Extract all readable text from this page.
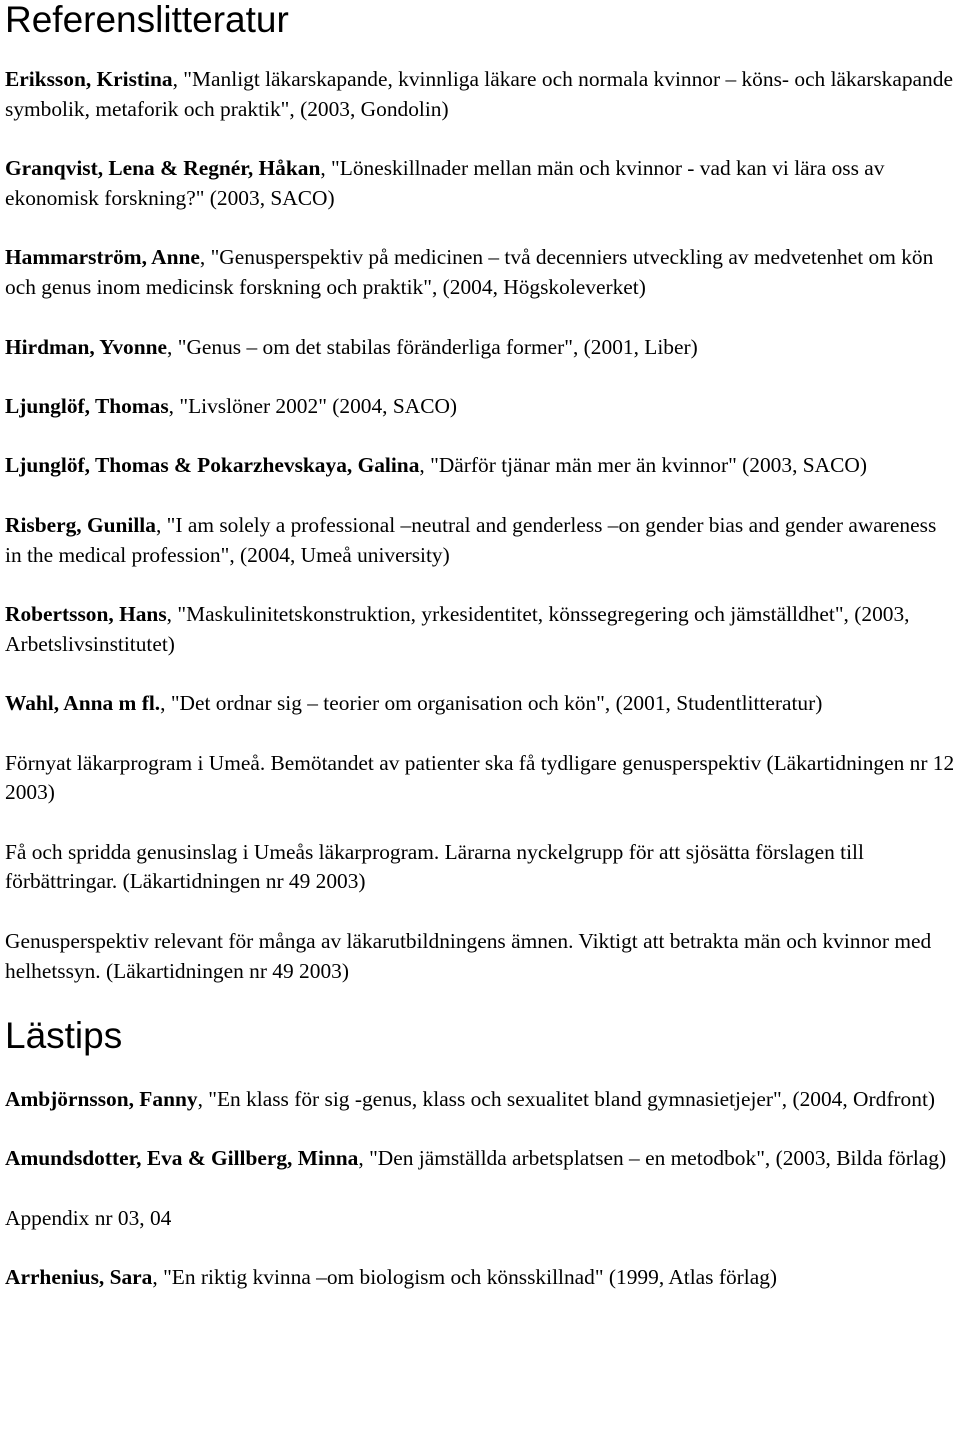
Referenslitteratur

Eriksson, Kristina, "Manligt läkarskapande, kvinnliga läkare och normala kvinnor – köns- och läkarskapande symbolik, metaforik och praktik", (2003, Gondolin)

Granqvist, Lena & Regnér, Håkan, "Löneskillnader mellan män och kvinnor - vad kan vi lära oss av ekonomisk forskning?" (2003, SACO)

Hammarström, Anne, "Genusperspektiv på medicinen – två decenniers utveckling av medvetenhet om kön och genus inom medicinsk forskning och praktik", (2004, Högskoleverket)

Hirdman, Yvonne, "Genus – om det stabilas föränderliga former", (2001, Liber)

Ljunglöf, Thomas, "Livslöner 2002" (2004, SACO)

Ljunglöf, Thomas & Pokarzhevskaya, Galina, "Därför tjänar män mer än kvinnor" (2003, SACO)

Risberg, Gunilla, "I am solely a professional –neutral and genderless –on gender bias and gender awareness in the medical profession", (2004, Umeå university)

Robertsson, Hans, "Maskulinitetskonstruktion, yrkesidentitet, könssegregering och jämställdhet", (2003, Arbetslivsinstitutet)

Wahl, Anna m fl., "Det ordnar sig – teorier om organisation och kön", (2001, Studentlitteratur)

Förnyat läkarprogram i Umeå. Bemötandet av patienter ska få tydligare genusperspektiv (Läkartidningen nr 12 2003)

Få och spridda genusinslag i Umeås läkarprogram. Lärarna nyckelgrupp för att sjösätta förslagen till förbättringar. (Läkartidningen nr 49 2003)

Genusperspektiv relevant för många av läkarutbildningens ämnen. Viktigt att betrakta män och kvinnor med helhetssyn. (Läkartidningen nr 49 2003)

Lästips

Ambjörnsson, Fanny, "En klass för sig -genus, klass och sexualitet bland gymnasietjejer", (2004, Ordfront)

Amundsdotter, Eva & Gillberg, Minna, "Den jämställda arbetsplatsen – en metodbok", (2003, Bilda förlag)

Appendix nr 03, 04

Arrhenius, Sara, "En riktig kvinna –om biologism och könsskillnad" (1999, Atlas förlag)
